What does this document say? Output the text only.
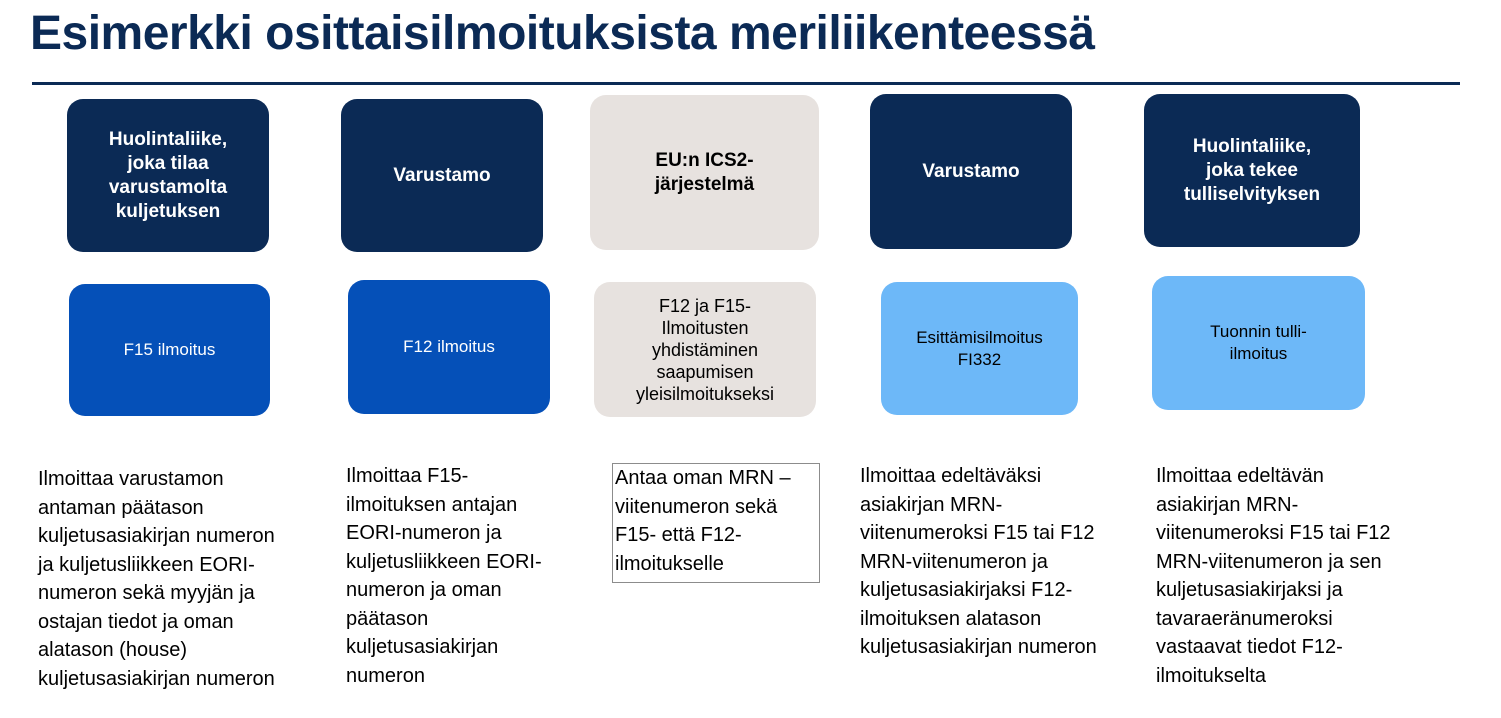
Esimerkki osittaisilmoituksista meriliikenteessä
Huolintaliike,
joka tilaa
varustamolta
kuljetuksen
F15 ilmoitus

Ilmoittaa varustamon
antaman päätason
kuljetusasiakirjan numeron
ja kuljetusliikkeen EORI-
numeron sekä myyjän ja
ostajan tiedot ja oman
alatason (house)
kuljetusasiakirjan numeron

Varustamo
F12 ilmoitus

Ilmoittaa F15-
ilmoituksen antajan
EORI-numeron ja
kuljetusliikkeen EORI-
numeron ja oman
päätason
kuljetusasiakirjan
numeron

EU:n ICS2-
järjestelmä
F12 ja F15-
Ilmoitusten
yhdistäminen
saapumisen
yleisilmoitukseksi

Antaa oman MRN –
viitenumeron sekä
F15- että F12-
ilmoitukselle

Varustamo
Esittämisilmoitus
FI332

Ilmoittaa edeltäväksi
asiakirjan MRN-
viitenumeroksi F15 tai F12
MRN-viitenumeron ja
kuljetusasiakirjaksi F12-
ilmoituksen alatason
kuljetusasiakirjan numeron

Huolintaliike,
joka tekee
tulliselvityksen
Tuonnin tulli-
ilmoitus

Ilmoittaa edeltävän
asiakirjan MRN-
viitenumeroksi F15 tai F12
MRN-viitenumeron ja sen
kuljetusasiakirjaksi ja
tavaraeränumeroksi
vastaavat tiedot F12-
ilmoitukselta
